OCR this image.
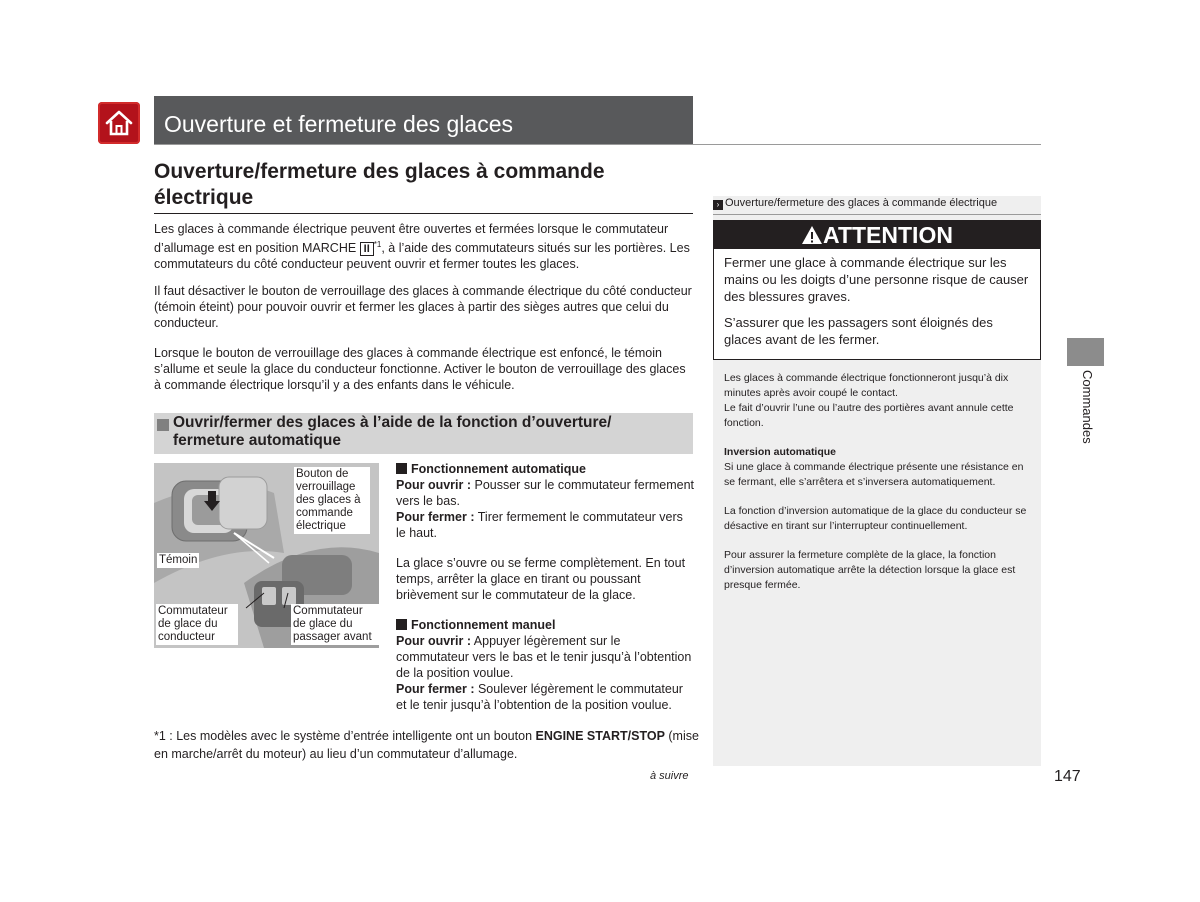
Ouverture et fermeture des glaces
Ouverture/fermeture des glaces à commande électrique
Les glaces à commande électrique peuvent être ouvertes et fermées lorsque le commutateur d’allumage est en position MARCHE II $^{*1}$, à l’aide des commutateurs situés sur les portières. Les commutateurs du côté conducteur peuvent ouvrir et fermer toutes les glaces.
Il faut désactiver le bouton de verrouillage des glaces à commande électrique du côté conducteur (témoin éteint) pour pouvoir ouvrir et fermer les glaces à partir des sièges autres que celui du conducteur.
Lorsque le bouton de verrouillage des glaces à commande électrique est enfoncé, le témoin s’allume et seule la glace du conducteur fonctionne. Activer le bouton de verrouillage des glaces à commande électrique lorsqu’il y a des enfants dans le véhicule.
Ouvrir/fermer des glaces à l’aide de la fonction d’ouverture/ fermeture automatique
Bouton de verrouillage des glaces à commande électrique
Témoin
Commutateur de glace du conducteur
Commutateur de glace du passager avant

Fonctionnement automatique

Pour ouvrir : Pousser sur le commutateur fermement vers le bas.

Pour fermer : Tirer fermement le commutateur vers le haut.

La glace s’ouvre ou se ferme complètement. En tout temps, arrêter la glace en tirant ou poussant brièvement sur le commutateur de la glace.

Fonctionnement manuel

Pour ouvrir : Appuyer légèrement sur le commutateur vers le bas et le tenir jusqu’à l’obtention de la position voulue.

Pour fermer : Soulever légèrement le commutateur et le tenir jusqu’à l’obtention de la position voulue.

*1 : Les modèles avec le système d’entrée intelligente ont un bouton ENGINE START/STOP (mise en marche/arrêt du moteur) au lieu d’un commutateur d’allumage.
à suivre	147
› Ouverture/fermeture des glaces à commande électrique
ATTENTION

Fermer une glace à commande électrique sur les mains ou les doigts d’une personne risque de causer des blessures graves.

S’assurer que les passagers sont éloignés des glaces avant de les fermer.

Les glaces à commande électrique fonctionneront jusqu’à dix minutes après avoir coupé le contact.
Le fait d’ouvrir l’une ou l’autre des portières avant annule cette fonction.

Inversion automatique
Si une glace à commande électrique présente une résistance en se fermant, elle s’arrêtera et s’inversera automatiquement.

La fonction d’inversion automatique de la glace du conducteur se désactive en tirant sur l’interrupteur continuellement.

Pour assurer la fermeture complète de la glace, la fonction d’inversion automatique arrête la détection lorsque la glace est presque fermée.

Commandes
